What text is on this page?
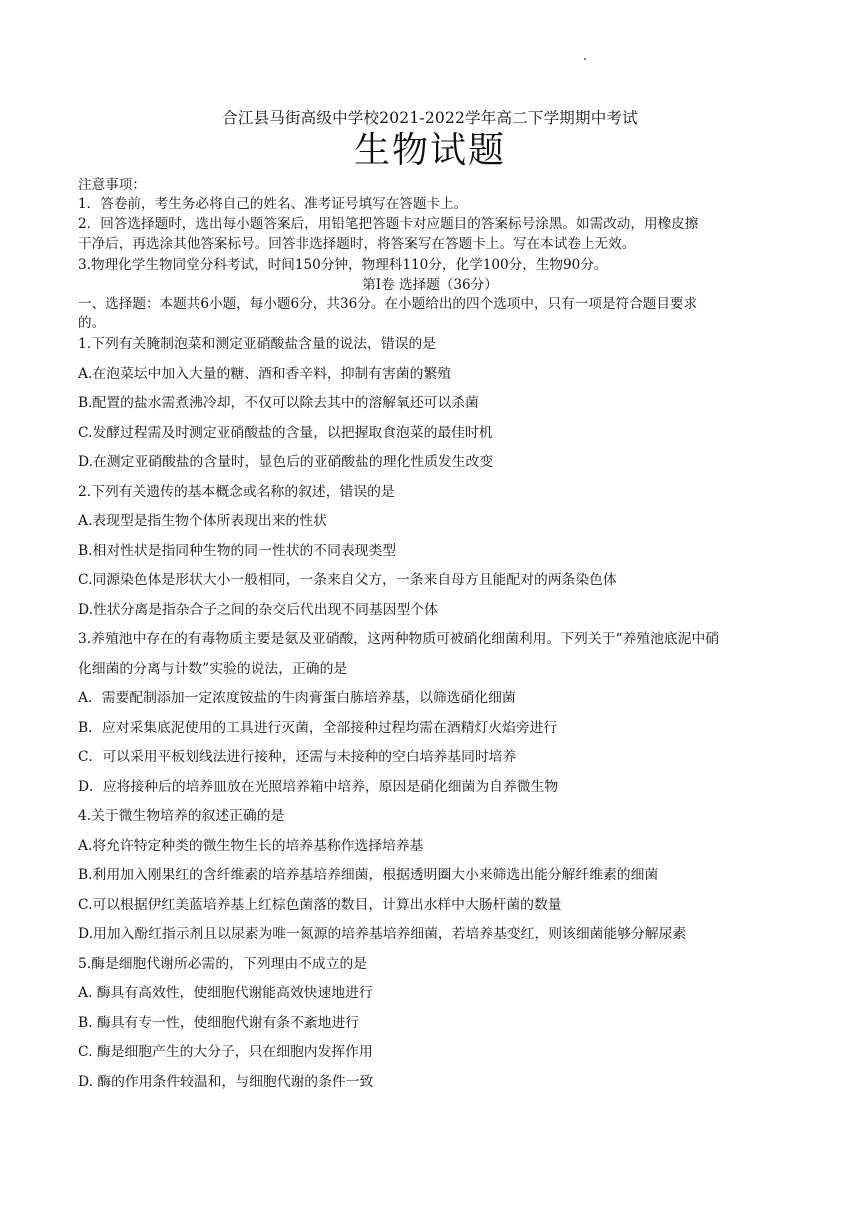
合江县马街高级中学校2021-2022学年高二下学期期中考试
生物试题
注意事项：
1．答卷前，考生务必将自己的姓名、准考证号填写在答题卡上。
2．回答选择题时，选出每小题答案后，用铅笔把答题卡对应题目的答案标号涂黑。如需改动，用橡皮擦
干净后，再选涂其他答案标号。回答非选择题时，将答案写在答题卡上。写在本试卷上无效。
3.物理化学生物同堂分科考试，时间150分钟，物理科110分，化学100分，生物90分。
第Ⅰ卷 选择题（36分）
一、选择题：本题共6小题，每小题6分，共36分。在小题给出的四个选项中，只有一项是符合题目要求
的。
1.下列有关腌制泡菜和测定亚硝酸盐含量的说法，错误的是
A.在泡菜坛中加入大量的糖、酒和香辛料，抑制有害菌的繁殖
B.配置的盐水需煮沸冷却，不仅可以除去其中的溶解氧还可以杀菌
C.发酵过程需及时测定亚硝酸盐的含量，以把握取食泡菜的最佳时机
D.在测定亚硝酸盐的含量时，显色后的亚硝酸盐的理化性质发生改变
2.下列有关遗传的基本概念或名称的叙述，错误的是
A.表现型是指生物个体所表现出来的性状
B.相对性状是指同种生物的同一性状的不同表现类型
C.同源染色体是形状大小一般相同，一条来自父方，一条来自母方且能配对的两条染色体
D.性状分离是指杂合子之间的杂交后代出现不同基因型个体
3.养殖池中存在的有毒物质主要是氨及亚硝酸，这两种物质可被硝化细菌利用。下列关于“养殖池底泥中硝
化细菌的分离与计数”实验的说法，正确的是
A．需要配制添加一定浓度铵盐的牛肉膏蛋白胨培养基，以筛选硝化细菌
B．应对采集底泥使用的工具进行灭菌，全部接种过程均需在酒精灯火焰旁进行
C．可以采用平板划线法进行接种，还需与未接种的空白培养基同时培养
D．应将接种后的培养皿放在光照培养箱中培养，原因是硝化细菌为自养微生物
4.关于微生物培养的叙述正确的是
A.将允许特定种类的微生物生长的培养基称作选择培养基
B.利用加入刚果红的含纤维素的培养基培养细菌，根据透明圈大小来筛选出能分解纤维素的细菌
C.可以根据伊红美蓝培养基上红棕色菌落的数目，计算出水样中大肠杆菌的数量
D.用加入酚红指示剂且以尿素为唯一氮源的培养基培养细菌，若培养基变红，则该细菌能够分解尿素
5.酶是细胞代谢所必需的，下列理由不成立的是
A. 酶具有高效性，使细胞代谢能高效快速地进行
B. 酶具有专一性，使细胞代谢有条不紊地进行
C. 酶是细胞产生的大分子，只在细胞内发挥作用
D. 酶的作用条件较温和，与细胞代谢的条件一致
